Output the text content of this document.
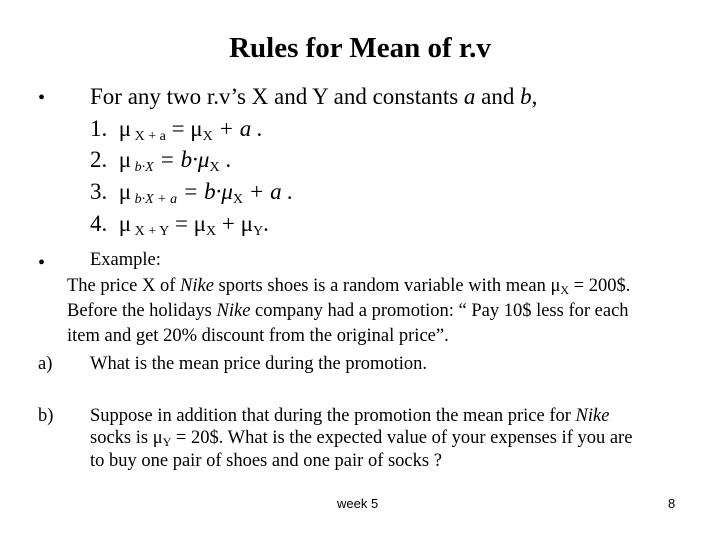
Rules for Mean of r.v
• For any two r.v’s X and Y and constants a and b,
1. μ X + a = μX + a .
2. μ b·X = b·μX .
3. μ b·X + a = b·μX + a .
4. μ X + Y = μX + μY.
• Example:
The price X of Nike sports shoes is a random variable with mean μX = 200$.
Before the holidays Nike company had a promotion: “ Pay 10$ less for each
item and get 20% discount from the original price”.
a) What is the mean price during the promotion.
b) Suppose in addition that during the promotion the mean price for Nike
socks is μY = 20$. What is the expected value of your expenses if you are
to buy one pair of shoes and one pair of socks ?
week 5	8
